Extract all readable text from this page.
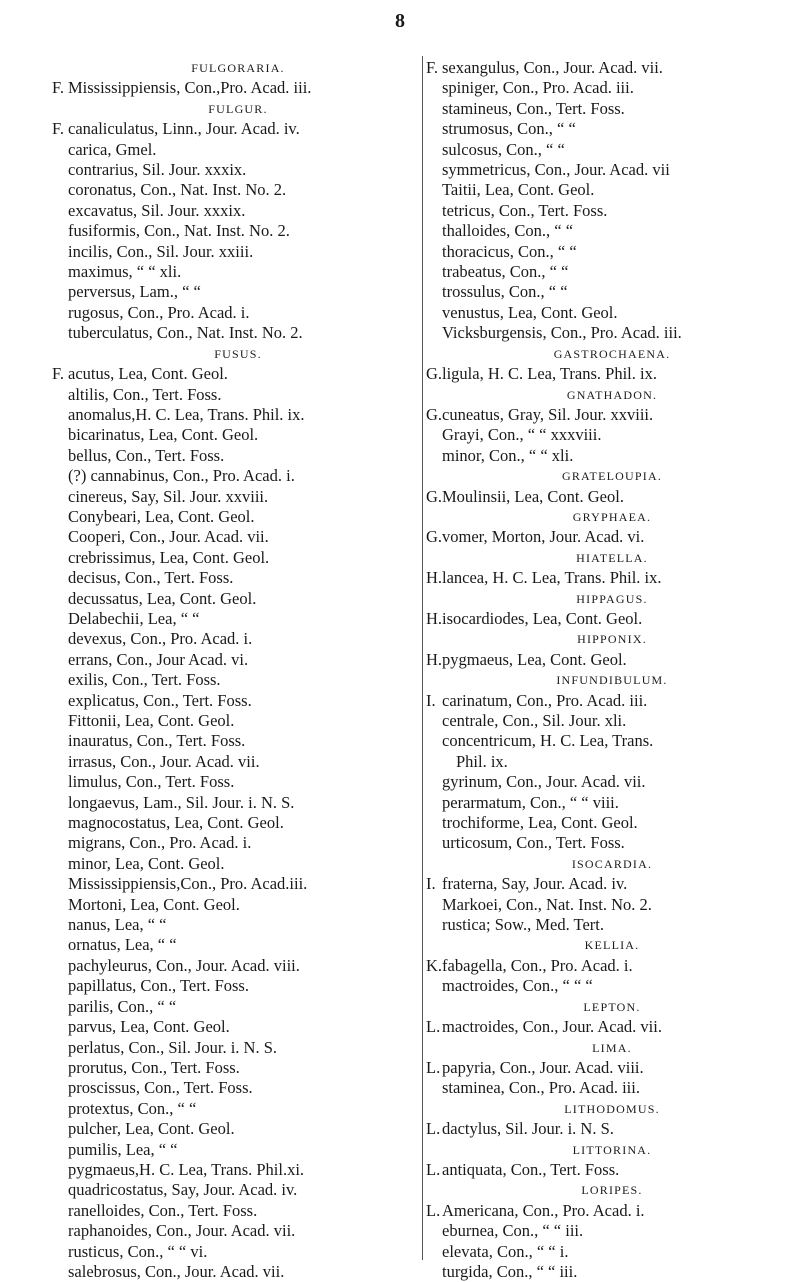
8
FULGORARIA.
F. Mississippiensis, Con.,Pro. Acad. iii.
FULGUR.
F. canaliculatus, Linn., Jour. Acad. iv.
carica, Gmel.
contrarius, Sil. Jour. xxxix.
coronatus, Con., Nat. Inst. No. 2.
excavatus, Sil. Jour. xxxix.
fusiformis, Con., Nat. Inst. No. 2.
incilis, Con., Sil. Jour. xxiii.
maximus, “ “ xli.
perversus, Lam., “ “
rugosus, Con., Pro. Acad. i.
tuberculatus, Con., Nat. Inst. No. 2.
FUSUS.
F. acutus, Lea, Cont. Geol.
altilis, Con., Tert. Foss.
anomalus,H. C. Lea, Trans. Phil. ix.
bicarinatus, Lea, Cont. Geol.
bellus, Con., Tert. Foss.
(?) cannabinus, Con., Pro. Acad. i.
cinereus, Say, Sil. Jour. xxviii.
Conybeari, Lea, Cont. Geol.
Cooperi, Con., Jour. Acad. vii.
crebrissimus, Lea, Cont. Geol.
decisus, Con., Tert. Foss.
decussatus, Lea, Cont. Geol.
Delabechii, Lea, “ “
devexus, Con., Pro. Acad. i.
errans, Con., Jour Acad. vi.
exilis, Con., Tert. Foss.
explicatus, Con., Tert. Foss.
Fittonii, Lea, Cont. Geol.
inauratus, Con., Tert. Foss.
irrasus, Con., Jour. Acad. vii.
limulus, Con., Tert. Foss.
longaevus, Lam., Sil. Jour. i. N. S.
magnocostatus, Lea, Cont. Geol.
migrans, Con., Pro. Acad. i.
minor, Lea, Cont. Geol.
Mississippiensis,Con., Pro. Acad.iii.
Mortoni, Lea, Cont. Geol.
nanus, Lea, “ “
ornatus, Lea, “ “
pachyleurus, Con., Jour. Acad. viii.
papillatus, Con., Tert. Foss.
parilis, Con., “ “
parvus, Lea, Cont. Geol.
perlatus, Con., Sil. Jour. i. N. S.
prorutus, Con., Tert. Foss.
proscissus, Con., Tert. Foss.
protextus, Con., “ “
pulcher, Lea, Cont. Geol.
pumilis, Lea, “ “
pygmaeus,H. C. Lea, Trans. Phil.xi.
quadricostatus, Say, Jour. Acad. iv.
ranelloides, Con., Tert. Foss.
raphanoides, Con., Jour. Acad. vii.
rusticus, Con., “ “ vi.
salebrosus, Con., Jour. Acad. vii.
F. sexangulus, Con., Jour. Acad. vii.
spiniger, Con., Pro. Acad. iii.
stamineus, Con., Tert. Foss.
strumosus, Con., “ “
sulcosus, Con., “ “
symmetricus, Con., Jour. Acad. vii
Taitii, Lea, Cont. Geol.
tetricus, Con., Tert. Foss.
thalloides, Con., “ “
thoracicus, Con., “ “
trabeatus, Con., “ “
trossulus, Con., “ “
venustus, Lea, Cont. Geol.
Vicksburgensis, Con., Pro. Acad. iii.
GASTROCHAENA.
G. ligula, H. C. Lea, Trans. Phil. ix.
GNATHADON.
G. cuneatus, Gray, Sil. Jour. xxviii.
Grayi, Con., “ “ xxxviii.
minor, Con., “ “ xli.
GRATELOUPIA.
G. Moulinsii, Lea, Cont. Geol.
GRYPHAEA.
G. vomer, Morton, Jour. Acad. vi.
HIATELLA.
H. lancea, H. C. Lea, Trans. Phil. ix.
HIPPAGUS.
H. isocardiodes, Lea, Cont. Geol.
HIPPONIX.
H. pygmaeus, Lea, Cont. Geol.
INFUNDIBULUM.
I. carinatum, Con., Pro. Acad. iii.
centrale, Con., Sil. Jour. xli.
concentricum, H. C. Lea, Trans.
Phil. ix.
gyrinum, Con., Jour. Acad. vii.
perarmatum, Con., “ “ viii.
trochiforme, Lea, Cont. Geol.
urticosum, Con., Tert. Foss.
ISOCARDIA.
I. fraterna, Say, Jour. Acad. iv.
Markoei, Con., Nat. Inst. No. 2.
rustica; Sow., Med. Tert.
KELLIA.
K. fabagella, Con., Pro. Acad. i.
mactroides, Con., “ “ “
LEPTON.
L. mactroides, Con., Jour. Acad. vii.
LIMA.
L. papyria, Con., Jour. Acad. viii.
staminea, Con., Pro. Acad. iii.
LITHODOMUS.
L. dactylus, Sil. Jour. i. N. S.
LITTORINA.
L. antiquata, Con., Tert. Foss.
LORIPES.
L. Americana, Con., Pro. Acad. i.
eburnea, Con., “ “ iii.
elevata, Con., “ “ i.
turgida, Con., “ “ iii.
